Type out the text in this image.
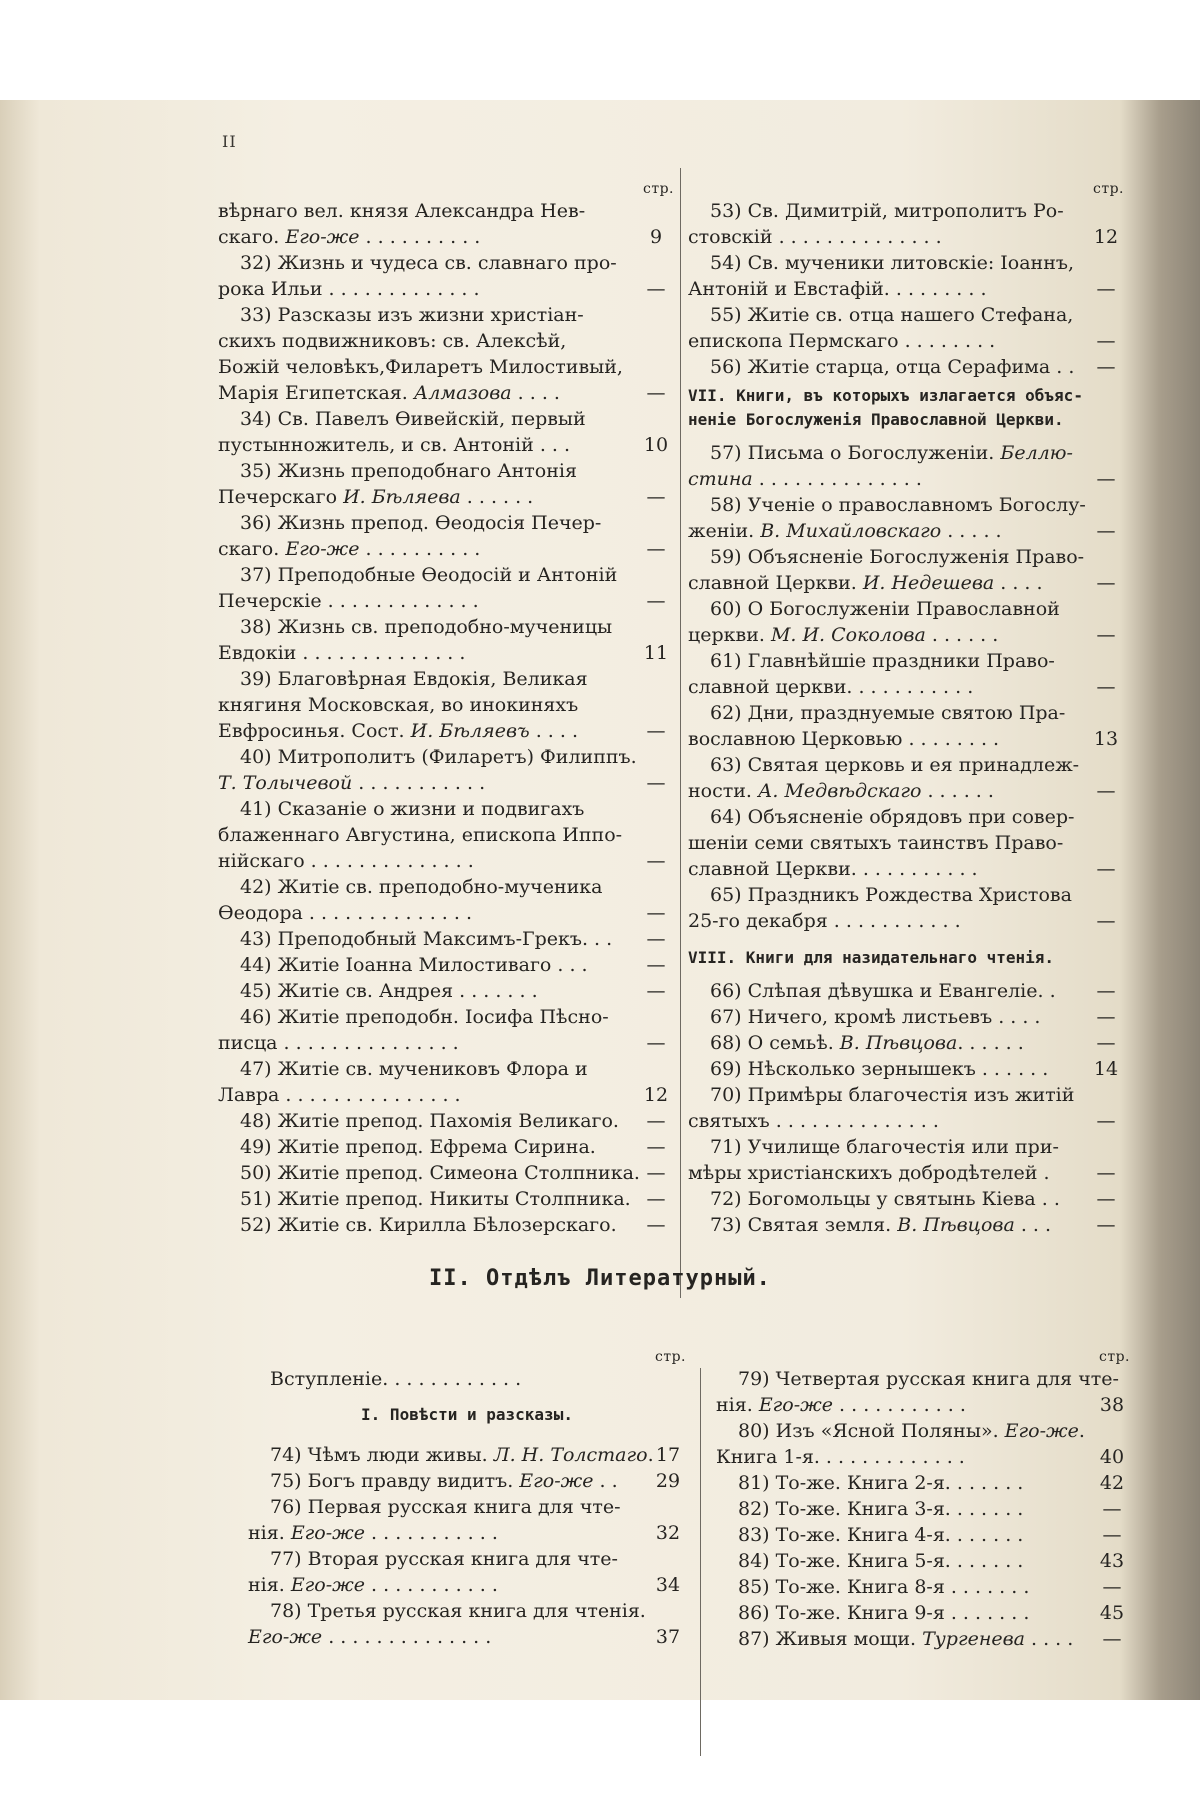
II
стр.
вѣрнаго вел. князя Александра Нев-
скаго. Его-же . . . . . . . . . .	9
32) Жизнь и чудеса св. славнаго про-
рока Ильи . . . . . . . . . . . . .	—
33) Разсказы изъ жизни христіан-
скихъ подвижниковъ: св. Алексѣй,
Божій человѣкъ,Филаретъ Милостивый,
Марія Египетская. Алмазова . . . .	—
34) Св. Павелъ Ѳивейскій, первый
пустынножитель, и св. Антоній . . .	10
35) Жизнь преподобнаго Антонія
Печерскаго И. Бѣляева . . . . . .	—
36) Жизнь препод. Ѳеодосія Печер-
скаго. Его-же . . . . . . . . . .	—
37) Преподобные Ѳеодосій и Антоній
Печерскіе . . . . . . . . . . . . .	—
38) Жизнь св. преподобно-мученицы
Евдокіи . . . . . . . . . . . . . .	11
39) Благовѣрная Евдокія, Великая
княгиня Московская, во инокиняхъ
Евфросинья. Сост. И. Бѣляевъ . . . .	—
40) Митрополитъ (Филаретъ) Филиппъ.
Т. Толычевой . . . . . . . . . . .	—
41) Сказаніе о жизни и подвигахъ
блаженнаго Августина, епископа Иппо-
нійскаго . . . . . . . . . . . . . .	—
42) Житіе св. преподобно-мученика
Ѳеодора . . . . . . . . . . . . . .	—
43) Преподобный Максимъ-Грекъ. . .	—
44) Житіе Іоанна Милостиваго . . .	—
45) Житіе св. Андрея . . . . . . .	—
46) Житіе преподобн. Іосифа Пѣсно-
писца . . . . . . . . . . . . . . .	—
47) Житіе св. мучениковъ Флора и
Лавра . . . . . . . . . . . . . . .	12
48) Житіе препод. Пахомія Великаго.	—
49) Житіе препод. Ефрема Сирина.	—
50) Житіе препод. Симеона Столпника. —
51) Житіе препод. Никиты Столпника. —
52) Житіе св. Кирилла Бѣлозерскаго.	—
стр.
53) Св. Димитрій, митрополитъ Ро-
стовскій . . . . . . . . . . . . . .	12
54) Св. мученики литовскіе: Іоаннъ,
Антоній и Евстафій. . . . . . . . .	—
55) Житіе св. отца нашего Стефана,
епископа Пермскаго . . . . . . . .	—
56) Житіе старца, отца Серафима . .	—
VII. Книги, въ которыхъ излагается объяс-
неніе Богослуженія Православной Церкви.
57) Письма о Богослуженіи. Беллю-
стина . . . . . . . . . . . . . .	—
58) Ученіе о православномъ Богослу-
женіи. В. Михайловскаго . . . . .	—
59) Объясненіе Богослуженія Право-
славной Церкви. И. Недешева . . . .	—
60) О Богослуженіи Православной
церкви. М. И. Соколова . . . . . .	—
61) Главнѣйшіе праздники Право-
славной церкви. . . . . . . . . . .	—
62) Дни, празднуемые святою Пра-
вославною Церковью . . . . . . . .	13
63) Святая церковь и ея принадлеж-
ности. А. Медвѣдскаго . . . . . .	—
64) Объясненіе обрядовъ при совер-
шеніи семи святыхъ таинствъ Право-
славной Церкви. . . . . . . . . . .	—
65) Праздникъ Рождества Христова
25-го декабря . . . . . . . . . . .	—
VIII. Книги для назидательнаго чтенія.
66) Слѣпая дѣвушка и Евангеліе. .	—
67) Ничего, кромѣ листьевъ . . . .	—
68) О семьѣ. В. Пѣвцова. . . . . .	—
69) Нѣсколько зернышекъ . . . . . .	14
70) Примѣры благочестія изъ житій
святыхъ . . . . . . . . . . . . . .	—
71) Училище благочестія или при-
мѣры христіанскихъ добродѣтелей .	—
72) Богомольцы у святынь Кіева . .	—
73) Святая земля. В. Пѣвцова . . .	—
II. Отдѣлъ Литературный.
стр.
Вступленіе. . . . . . . . . . . .
I. Повѣсти и разсказы.
74) Чѣмъ люди живы. Л. Н. Толстаго. 17
75) Богъ правду видитъ. Его-же . .	29
76) Первая русская книга для чте-
нія. Его-же . . . . . . . . . . .	32
77) Вторая русская книга для чте-
нія. Его-же . . . . . . . . . . .	34
78) Третья русская книга для чтенія.
Его-же . . . . . . . . . . . . . .	37
стр.
79) Четвертая русская книга для чте-
нія. Его-же . . . . . . . . . . .	38
80) Изъ «Ясной Поляны». Его-же.
Книга 1-я. . . . . . . . . . . . .	40
81) То-же. Книга 2-я. . . . . . .	42
82) То-же. Книга 3-я. . . . . . .	—
83) То-же. Книга 4-я. . . . . . .	—
84) То-же. Книга 5-я. . . . . . .	43
85) То-же. Книга 8-я . . . . . . .	—
86) То-же. Книга 9-я . . . . . . .	45
87) Живыя мощи. Тургенева . . . .	—
